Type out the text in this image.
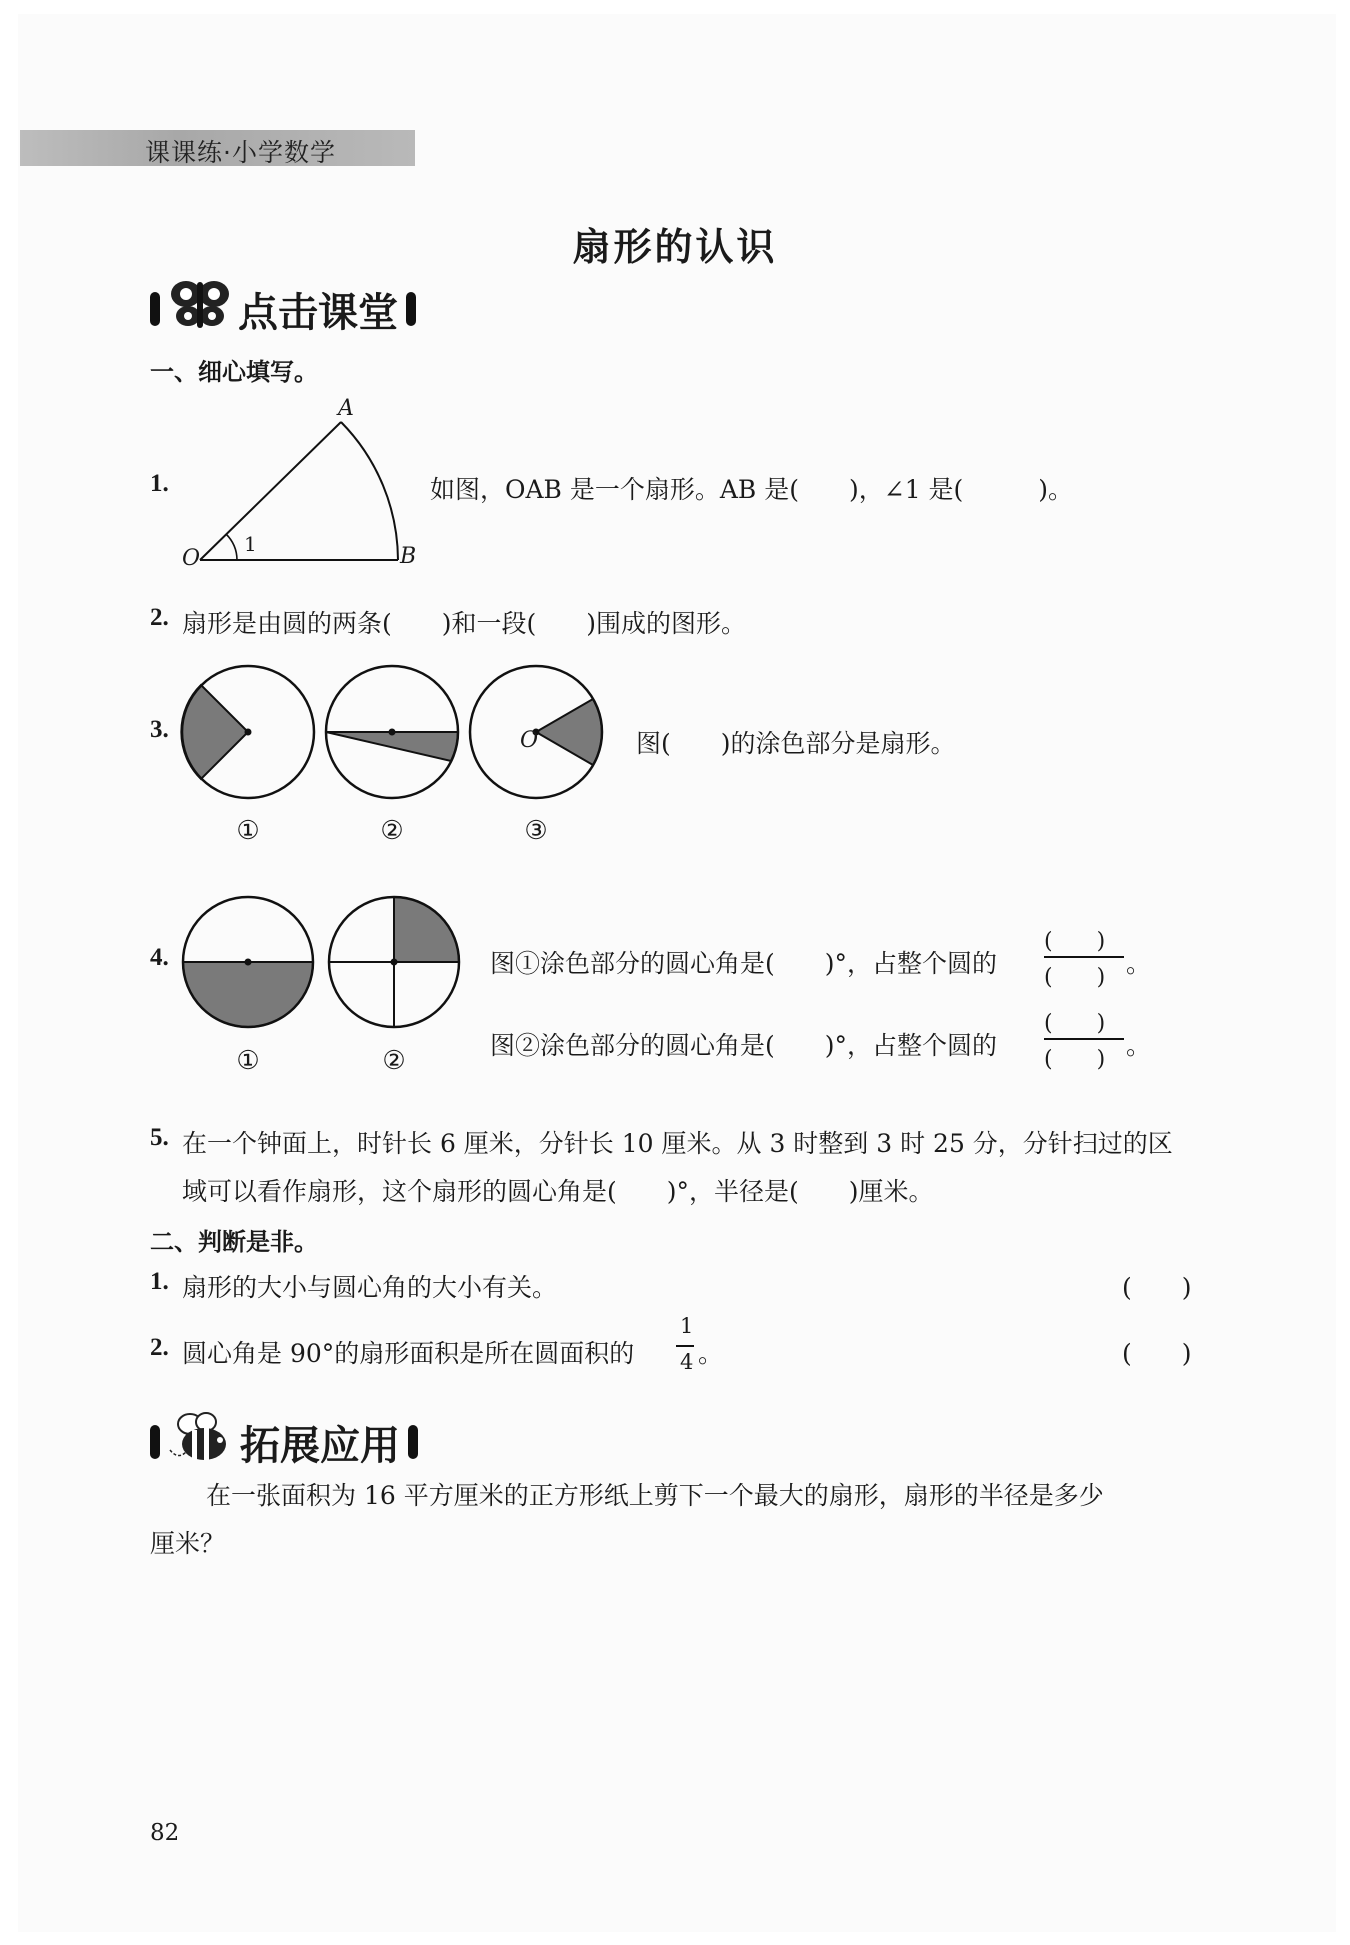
课课练·小学数学
扇形的认识
点击课堂
一、细心填写。
1.
A
O	B
1
如图，OAB 是一个扇形。AB 是(　　)，∠1 是(　　　)。
2. 扇形是由圆的两条(　　)和一段(　　)围成的图形。
3.	O
①	②	③
图(　　)的涂色部分是扇形。
4.
①	②
图①涂色部分的圆心角是(　　)°，占整个圆的
(　　)
(　　) 。
图②涂色部分的圆心角是(　　)°，占整个圆的
(　　)
(　　) 。
5. 在一个钟面上，时针长 6 厘米，分针长 10 厘米。从 3 时整到 3 时 25 分，分针扫过的区
域可以看作扇形，这个扇形的圆心角是(　　)°，半径是(　　)厘米。
二、判断是非。
1. 扇形的大小与圆心角的大小有关。	(　　)
2. 圆心角是 90°的扇形面积是所在圆面积的
1
4 。	(　　)
拓展应用
在一张面积为 16 平方厘米的正方形纸上剪下一个最大的扇形，扇形的半径是多少
厘米？
82
